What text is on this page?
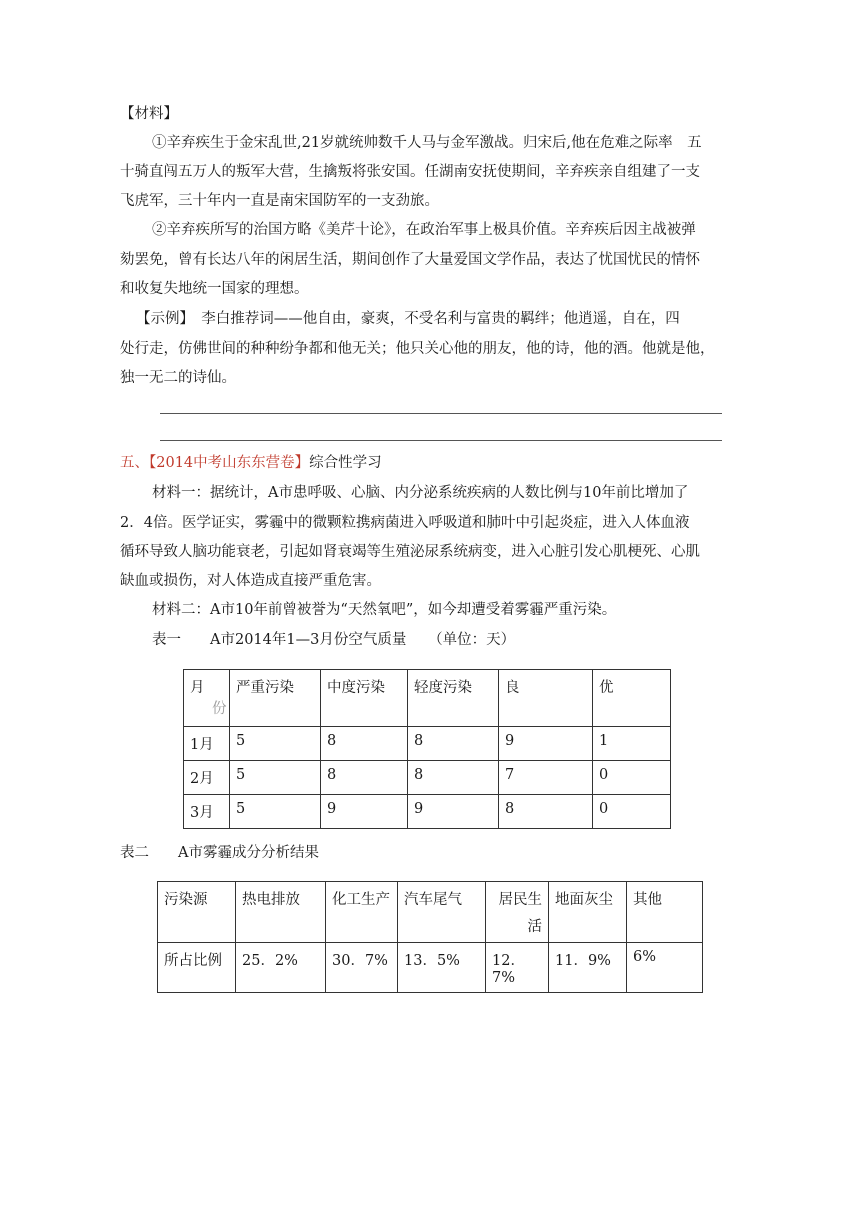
【材料】
①辛弃疾生于金宋乱世,21岁就统帅数千人马与金军激战。归宋后,他在危难之际率　五
十骑直闯五万人的叛军大营，生擒叛将张安国。任湖南安抚使期间，辛弃疾亲自组建了一支
飞虎军，三十年内一直是南宋国防军的一支劲旅。
②辛弃疾所写的治国方略《美芹十论》，在政治军事上极具价值。辛弃疾后因主战被弹
劾罢免，曾有长达八年的闲居生活，期间创作了大量爱国文学作品，表达了忧国忧民的情怀
和收复失地统一国家的理想。
【示例】　李白推荐词——他自由，豪爽，不受名利与富贵的羁绊；他逍遥，自在，四
处行走，仿佛世间的种种纷争都和他无关；他只关心他的朋友，他的诗，他的酒。他就是他，
独一无二的诗仙。
五、【2014中考山东东营卷】综合性学习
材料一：据统计，A市患呼吸、心脑、内分泌系统疾病的人数比例与10年前比增加了
2．4倍。医学证实，雾霾中的微颗粒携病菌进入呼吸道和肺叶中引起炎症，进入人体血液
循环导致人脑功能衰老，引起如肾衰竭等生殖泌尿系统病变，进入心脏引发心肌梗死、心肌
缺血或损伤，对人体造成直接严重危害。
材料二：A市10年前曾被誉为“天然氧吧”，如今却遭受着雾霾严重污染。
表一　　A市2014年1—3月份空气质量　　（单位：天）
月
份	严重污染	中度污染	轻度污染	良	优
1月	5	8	8	9	1
2月	5	8	8	7	0
3月	5	9	9	8	0
表二　　A市雾霾成分分析结果
污染源	热电排放	化工生产	汽车尾气	居民生
活	地面灰尘	其他
所占比例	25．2%	30．7%	13．5%	12．7%	11．9%	6%
